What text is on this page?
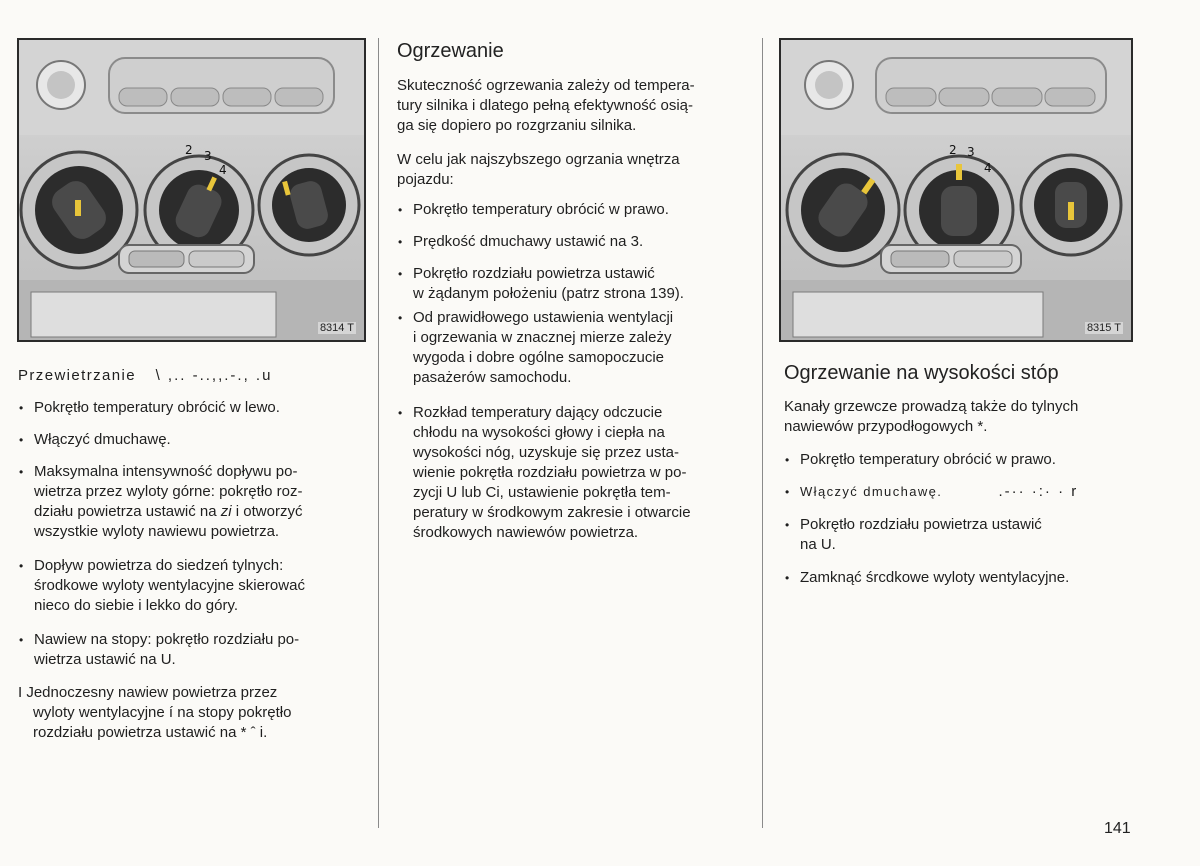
2 3
4
8314 T

Przewietrzanie \ ,.. -..,,.-., .u

• Pokrętło temperatury obrócić w lewo.

• Włączyć dmuchawę.

• Maksymalna intensywność dopływu po-
wietrza przez wyloty górne: pokrętło roz-
działu powietrza ustawić na zi i otworzyć
wszystkie wyloty nawiewu powietrza.
• Dopływ powietrza do siedzeń tylnych:
środkowe wyloty wentylacyjne skierować
nieco do siebie i lekko do góry.
• Nawiew na stopy: pokrętło rozdziału po-
wietrza ustawić na U.
I Jednoczesny nawiew powietrza przez
wyloty wentylacyjne í na stopy pokrętło
rozdziału powietrza ustawić na * ˆ i.
Ogrzewanie
Skuteczność ogrzewania zależy od tempera-
tury silnika i dlatego pełną efektywność osią-
ga się dopiero po rozgrzaniu silnika.
W celu jak najszybszego ogrzania wnętrza
pojazdu:
• Pokrętło temperatury obrócić w prawo.
• Prędkość dmuchawy ustawić na 3.
• Pokrętło rozdziału powietrza ustawić
w żądanym położeniu (patrz strona 139).
• Od prawidłowego ustawienia wentylacji
i ogrzewania w znacznej mierze zależy
wygoda i dobre ogólne samopoczucie
pasażerów samochodu.
• Rozkład temperatury dający odczucie
chłodu na wysokości głowy i ciepła na
wysokości nóg, uzyskuje się przez usta-
wienie pokrętła rozdziału powietrza w po-
zycji U lub Ci, ustawienie pokrętła tem-
peratury w środkowym zakresie i otwarcie
środkowych nawiewów powietrza.
2 3
4
8315 T
Ogrzewanie na wysokości stóp
Kanały grzewcze prowadzą także do tylnych
nawiewów przypodłogowych *.
• Pokrętło temperatury obrócić w prawo.
• Włączyć dmuchawę.	.-·· ·:· · r
• Pokrętło rozdziału powietrza ustawić
na U.
• Zamknąć śrcdkowe wyloty wentylacyjne.
141
